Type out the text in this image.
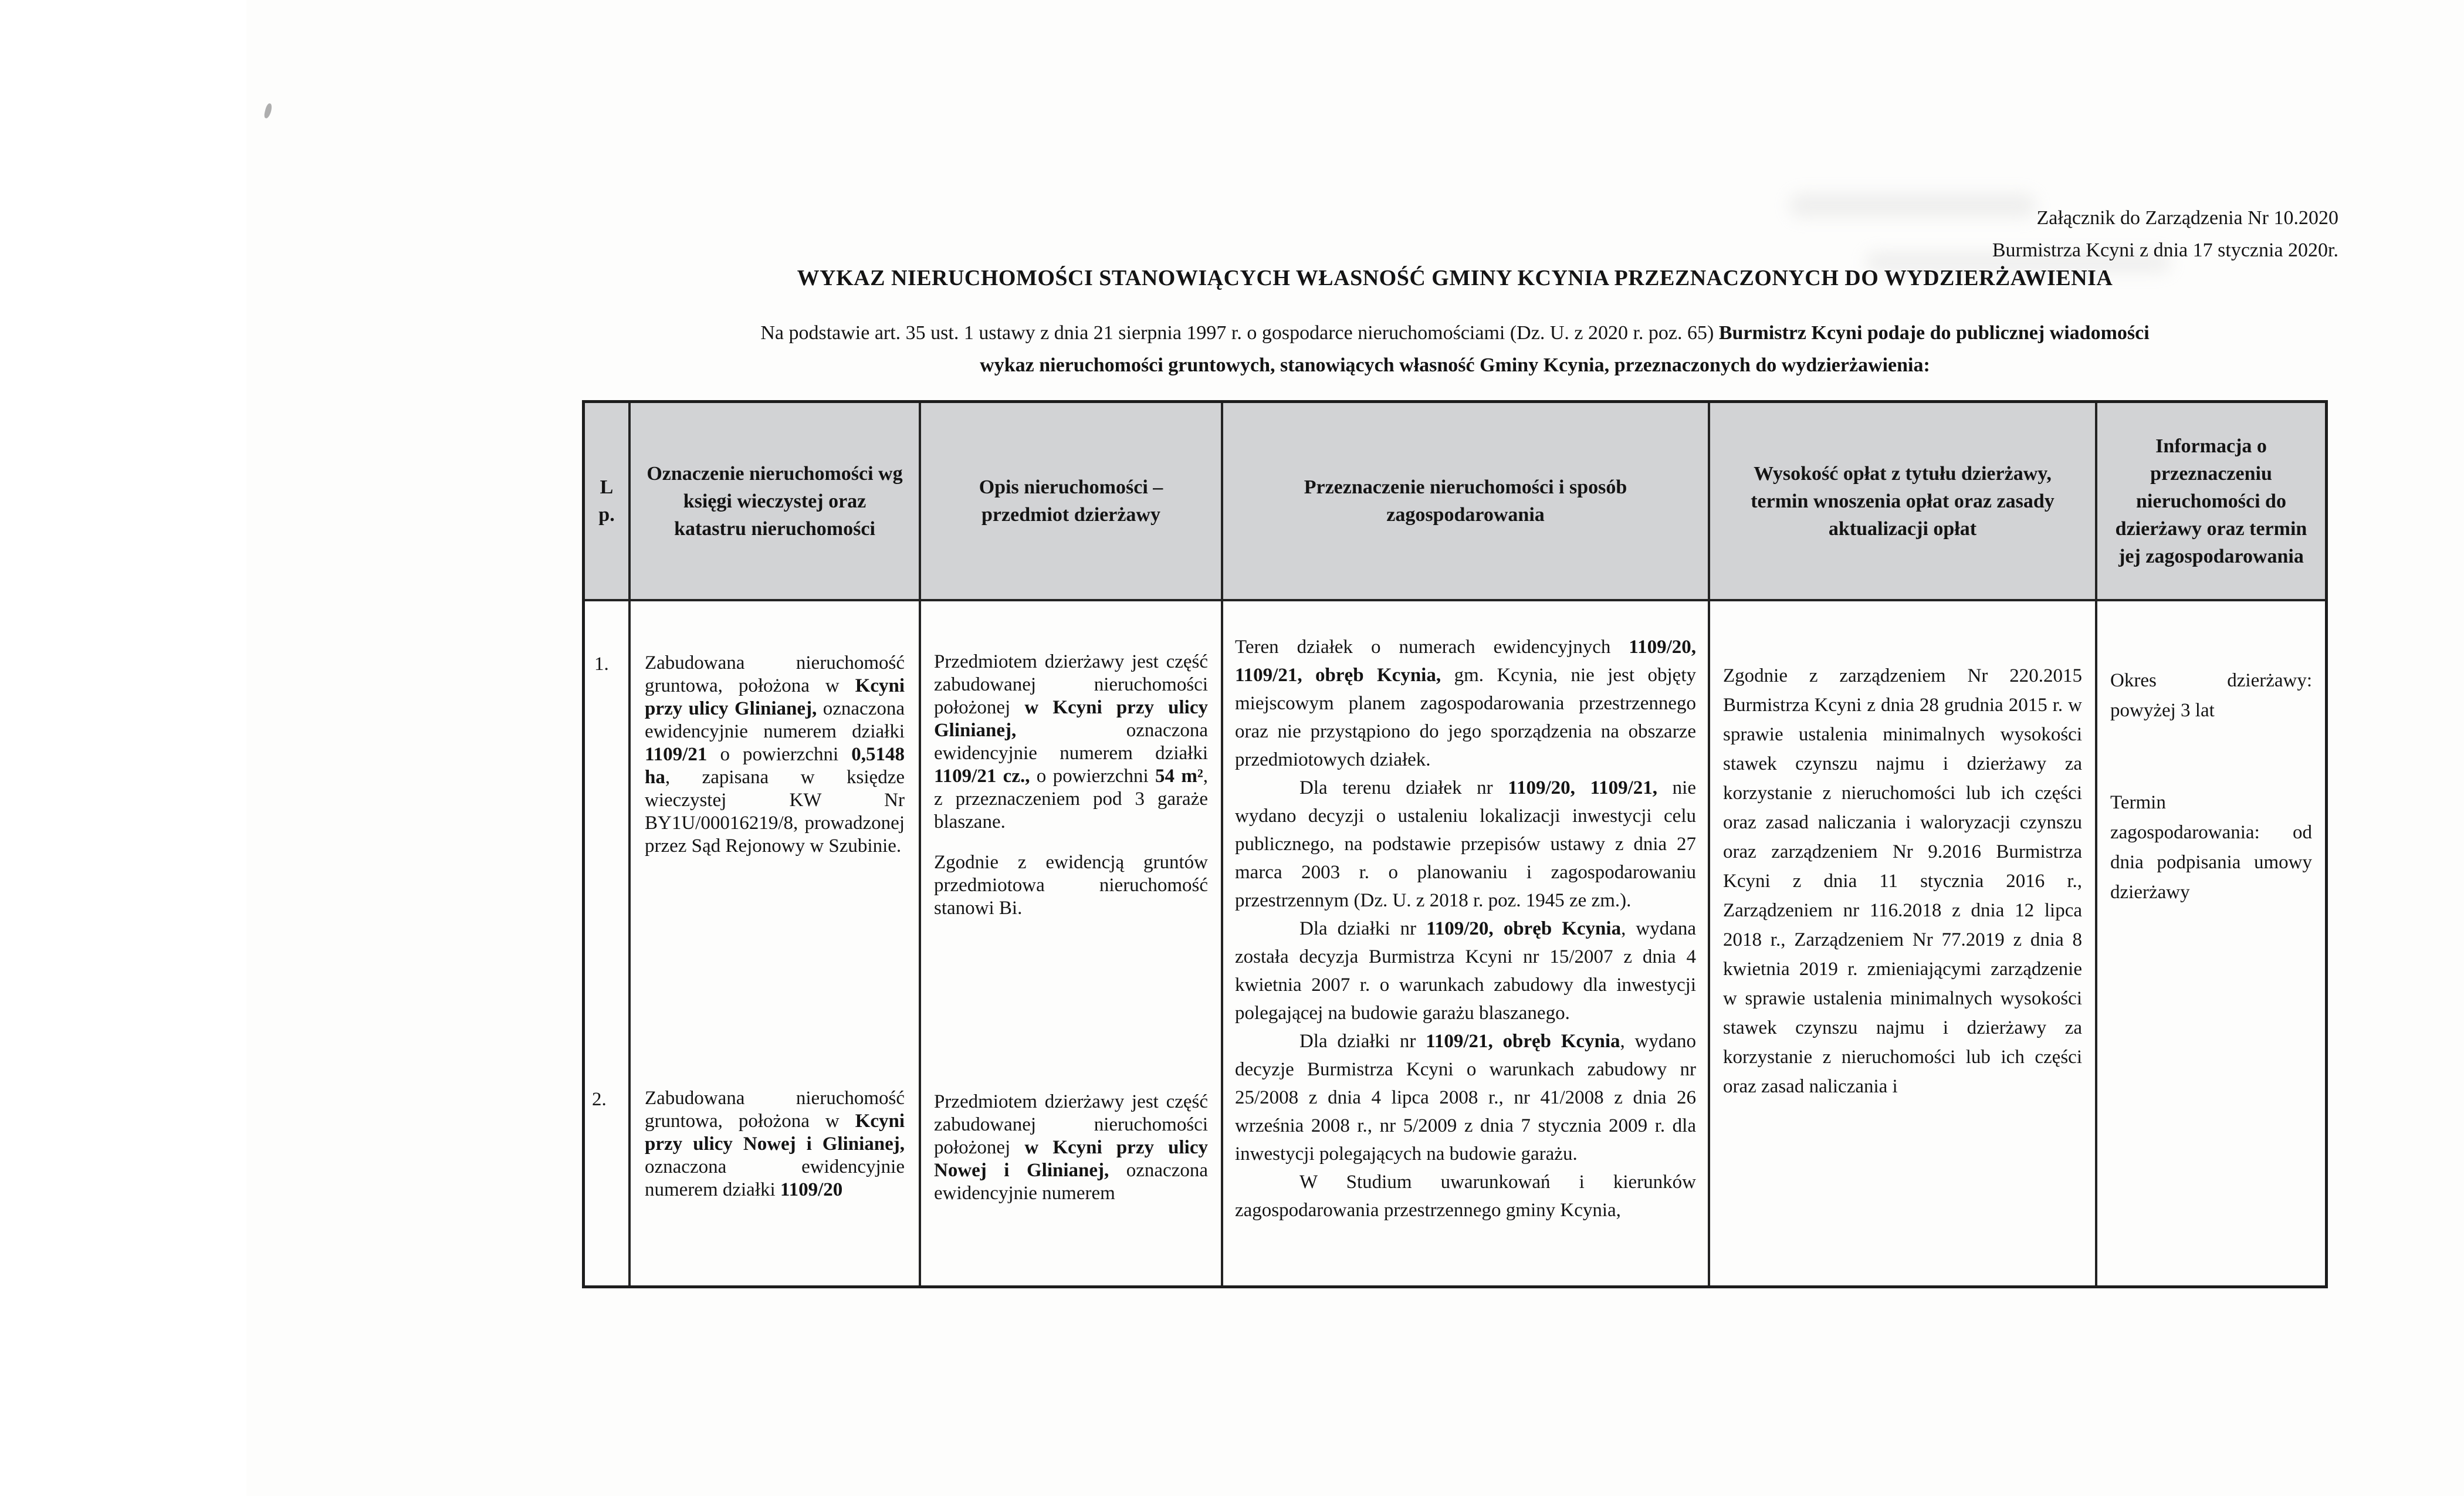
Załącznik do Zarządzenia Nr 10.2020
Burmistrza Kcyni z dnia 17 stycznia 2020r.
WYKAZ NIERUCHOMOŚCI STANOWIĄCYCH WŁASNOŚĆ GMINY KCYNIA PRZEZNACZONYCH DO WYDZIERŻAWIENIA
Na podstawie art. 35 ust. 1 ustawy z dnia 21 sierpnia 1997 r. o gospodarce nieruchomościami (Dz. U. z 2020 r. poz. 65) Burmistrz Kcyni podaje do publicznej wiadomości
wykaz nieruchomości gruntowych, stanowiących własność Gminy Kcynia, przeznaczonych do wydzierżawienia:
L p.
Oznaczenie nieruchomości wg księgi wieczystej oraz katastru nieruchomości
Opis nieruchomości – przedmiot dzierżawy
Przeznaczenie nieruchomości i sposób zagospodarowania
Wysokość opłat z tytułu dzierżawy, termin wnoszenia opłat oraz zasady aktualizacji opłat
Informacja o przeznaczeniu nieruchomości do dzierżawy oraz termin jej zagospodarowania

1.

2.

Zabudowana nieruchomość gruntowa, położona w Kcyni przy ulicy Glinianej, oznaczona ewidencyjnie numerem działki 1109/21 o powierzchni 0,5148 ha, zapisana w księdze wieczystej KW Nr BY1U/00016219/8, prowadzonej przez Sąd Rejonowy w Szubinie.

Zabudowana nieruchomość gruntowa, położona w Kcyni przy ulicy Nowej i Glinianej, oznaczona ewidencyjnie numerem działki 1109/20

Przedmiotem dzierżawy jest część zabudowanej nieruchomości położonej w Kcyni przy ulicy Glinianej, oznaczona ewidencyjnie numerem działki 1109/21 cz., o powierzchni 54 m², z przeznaczeniem pod 3 garaże blaszane.

Zgodnie z ewidencją gruntów przedmiotowa nieruchomość stanowi Bi.

Przedmiotem dzierżawy jest część zabudowanej nieruchomości położonej w Kcyni przy ulicy Nowej i Glinianej, oznaczona ewidencyjnie numerem

Teren działek o numerach ewidencyjnych 1109/20, 1109/21, obręb Kcynia, gm. Kcynia, nie jest objęty miejscowym planem zagospodarowania przestrzennego oraz nie przystąpiono do jego sporządzenia na obszarze przedmiotowych działek.

Dla terenu działek nr 1109/20, 1109/21, nie wydano decyzji o ustaleniu lokalizacji inwestycji celu publicznego, na podstawie przepisów ustawy z dnia 27 marca 2003 r. o planowaniu i zagospodarowaniu przestrzennym (Dz. U. z 2018 r. poz. 1945 ze zm.).

Dla działki nr 1109/20, obręb Kcynia, wydana została decyzja Burmistrza Kcyni nr 15/2007 z dnia 4 kwietnia 2007 r. o warunkach zabudowy dla inwestycji polegającej na budowie garażu blaszanego.

Dla działki nr 1109/21, obręb Kcynia, wydano decyzje Burmistrza Kcyni o warunkach zabudowy nr 25/2008 z dnia 4 lipca 2008 r., nr 41/2008 z dnia 26 września 2008 r., nr 5/2009 z dnia 7 stycznia 2009 r. dla inwestycji polegających na budowie garażu.

W Studium uwarunkowań i kierunków zagospodarowania przestrzennego gminy Kcynia,

Zgodnie z zarządzeniem Nr 220.2015 Burmistrza Kcyni z dnia 28 grudnia 2015 r. w sprawie ustalenia minimalnych wysokości stawek czynszu najmu i dzierżawy za korzystanie z nieruchomości lub ich części oraz zasad naliczania i waloryzacji czynszu oraz zarządzeniem Nr 9.2016 Burmistrza Kcyni z dnia 11 stycznia 2016 r., Zarządzeniem nr 116.2018 z dnia 12 lipca 2018 r., Zarządzeniem Nr 77.2019 z dnia 8 kwietnia 2019 r. zmieniającymi zarządzenie w sprawie ustalenia minimalnych wysokości stawek czynszu najmu i dzierżawy za korzystanie z nieruchomości lub ich części oraz zasad naliczania i

Okres dzierżawy: powyżej 3 lat

Termin zagospodarowania: od dnia podpisania umowy dzierżawy
